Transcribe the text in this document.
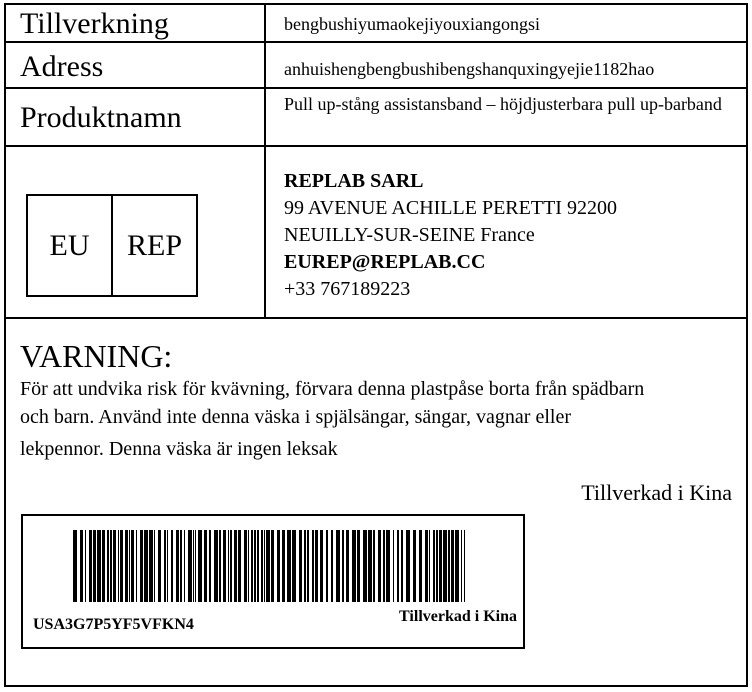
Tillverkning	bengbushiyumaokejiyouxiangongsi
Adress	anhuishengbengbushibengshanquxingyejie1182hao
Produktnamn	Pull up-stång assistansband – höjdjusterbara pull up-barband
EU	REP
REPLAB SARL
99 AVENUE ACHILLE PERETTI 92200
NEUILLY-SUR-SEINE France
EUREP@REPLAB.CC
+33 767189223
VARNING:
För att undvika risk för kvävning, förvara denna plastpåse borta från spädbarn
och barn. Använd inte denna väska i spjälsängar, sängar, vagnar eller
lekpennor. Denna väska är ingen leksak
Tillverkad i Kina
USA3G7P5YF5VFKN4	Tillverkad i Kina
